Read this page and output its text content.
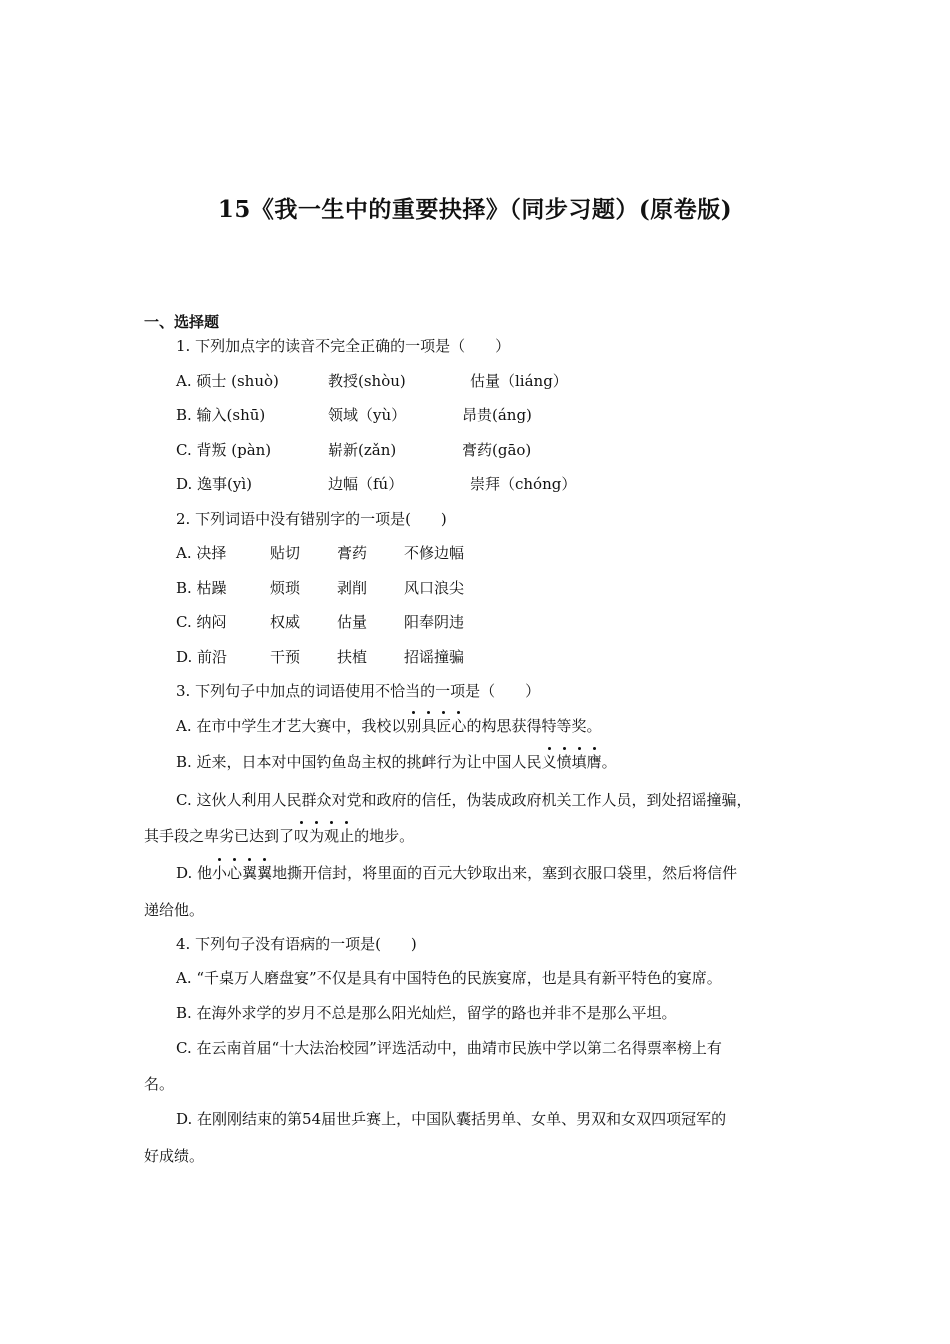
15《我一生中的重要抉择》（同步习题）(原卷版)
一、选择题
1. 下列加点字的读音不完全正确的一项是（　　）
A. 硕士 (shuò)	教授(shòu)	估量（liáng）
B. 输入(shū)	领域（yù）	昂贵(áng)
C. 背叛 (pàn)	崭新(zǎn)	膏药(gāo)
D. 逸事(yì)	边幅（fú）	崇拜（chóng）
2. 下列词语中没有错别字的一项是(　　)
A. 决择	贴切 膏药 不修边幅
B. 枯躁	烦琐 剥削 风口浪尖
C. 纳闷	权威 估量 阳奉阴违
D. 前沿	干预 扶植 招谣撞骗
3. 下列句子中加点的词语使用不恰当的一项是（　　）
A. 在市中学生才艺大赛中，我校以别具匠心的构思获得特等奖。
B. 近来，日本对中国钓鱼岛主权的挑衅行为让中国人民义愤填膺。
C. 这伙人利用人民群众对党和政府的信任，伪装成政府机关工作人员，到处招谣撞骗，
其手段之卑劣已达到了叹为观止的地步。
D. 他小心翼翼地撕开信封，将里面的百元大钞取出来，塞到衣服口袋里，然后将信件
递给他。
4. 下列句子没有语病的一项是(　　)
A. “千桌万人磨盘宴”不仅是具有中国特色的民族宴席，也是具有新平特色的宴席。
B. 在海外求学的岁月不总是那么阳光灿烂，留学的路也并非不是那么平坦。
C. 在云南首届“十大法治校园”评选活动中，曲靖市民族中学以第二名得票率榜上有
名。
D. 在刚刚结束的第54届世乒赛上，中国队囊括男单、女单、男双和女双四项冠军的
好成绩。
